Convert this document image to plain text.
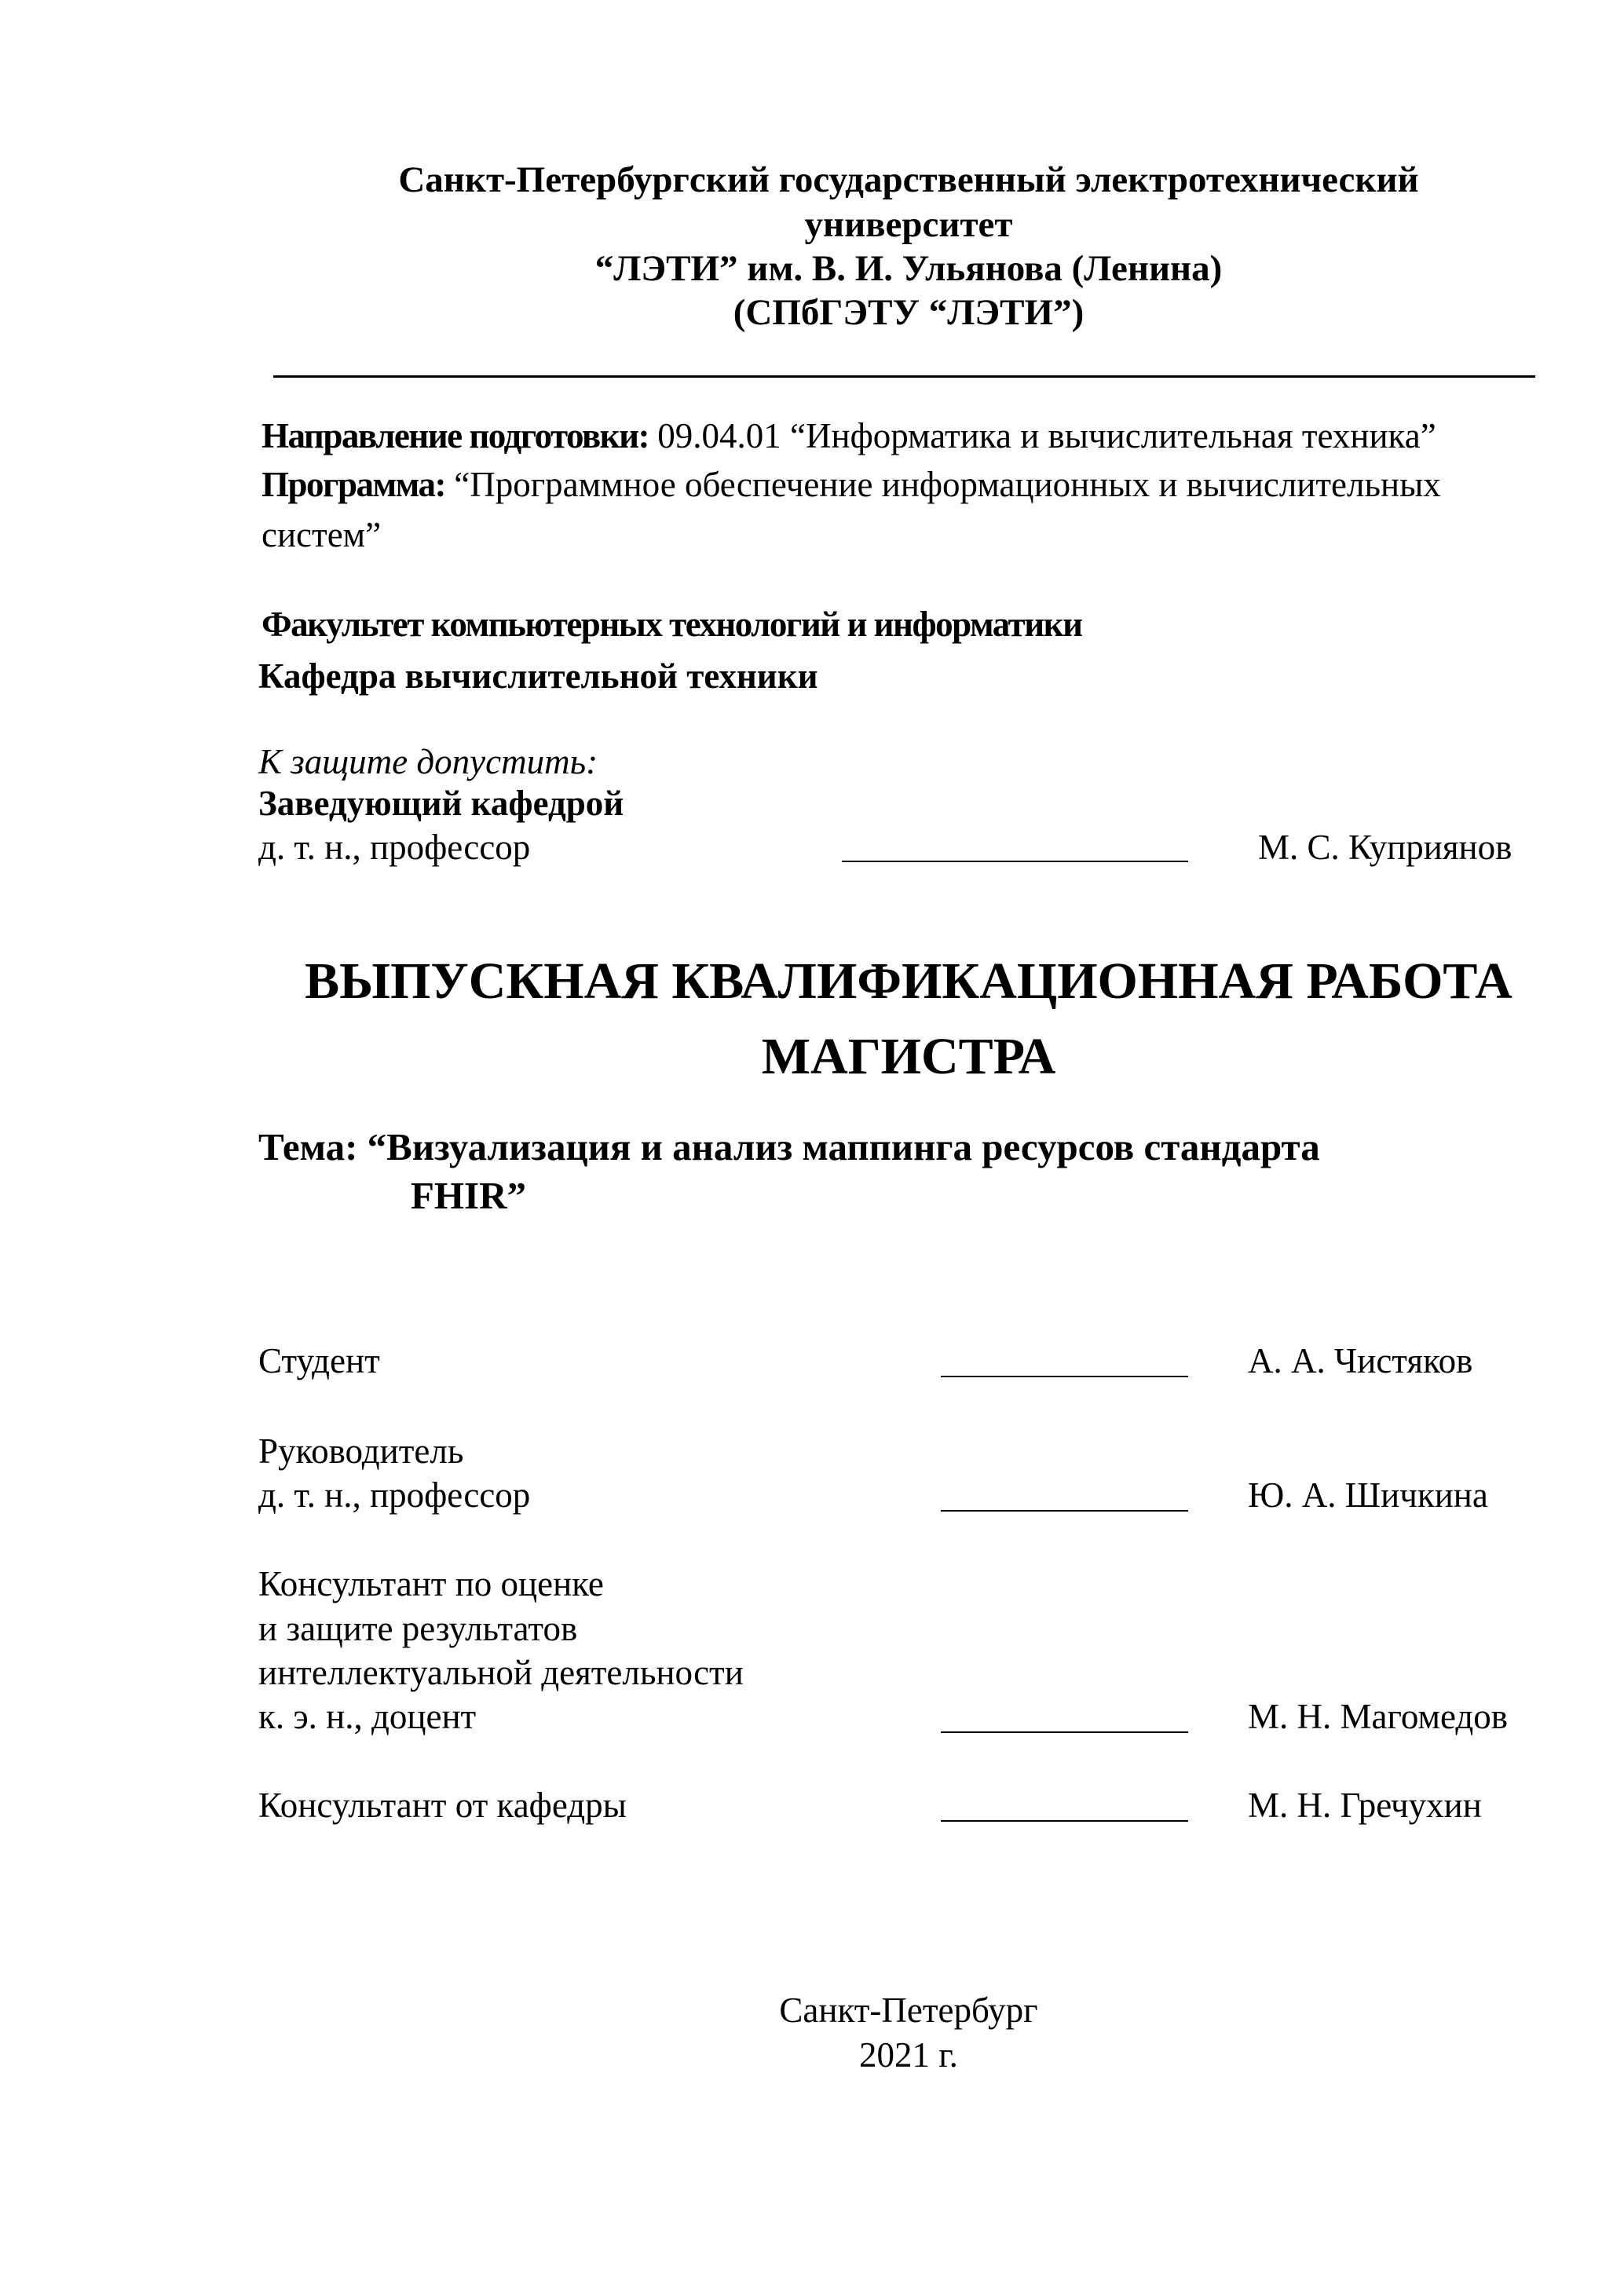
Санкт-Петербургский государственный электротехнический
университет
“ЛЭТИ” им. В. И. Ульянова (Ленина)
(СПбГЭТУ “ЛЭТИ”)
Направление подготовки: 09.04.01 “Информатика и вычислительная техника”
Программа: “Программное обеспечение информационных и вычислительных
систем”
Факультет компьютерных технологий и информатики
Кафедра вычислительной техники
К защите допустить:
Заведующий кафедрой
д. т. н., профессор	М. С. Куприянов
ВЫПУСКНАЯ КВАЛИФИКАЦИОННАЯ РАБОТА
МАГИСТРА
Тема: “Визуализация и анализ маппинга ресурсов стандарта
FHIR”
Студент	А. А. Чистяков
Руководитель
д. т. н., профессор	Ю. А. Шичкина
Консультант по оценке
и защите результатов
интеллектуальной деятельности
к. э. н., доцент	М. Н. Магомедов
Консультант от кафедры	М. Н. Гречухин
Санкт-Петербург
2021 г.
